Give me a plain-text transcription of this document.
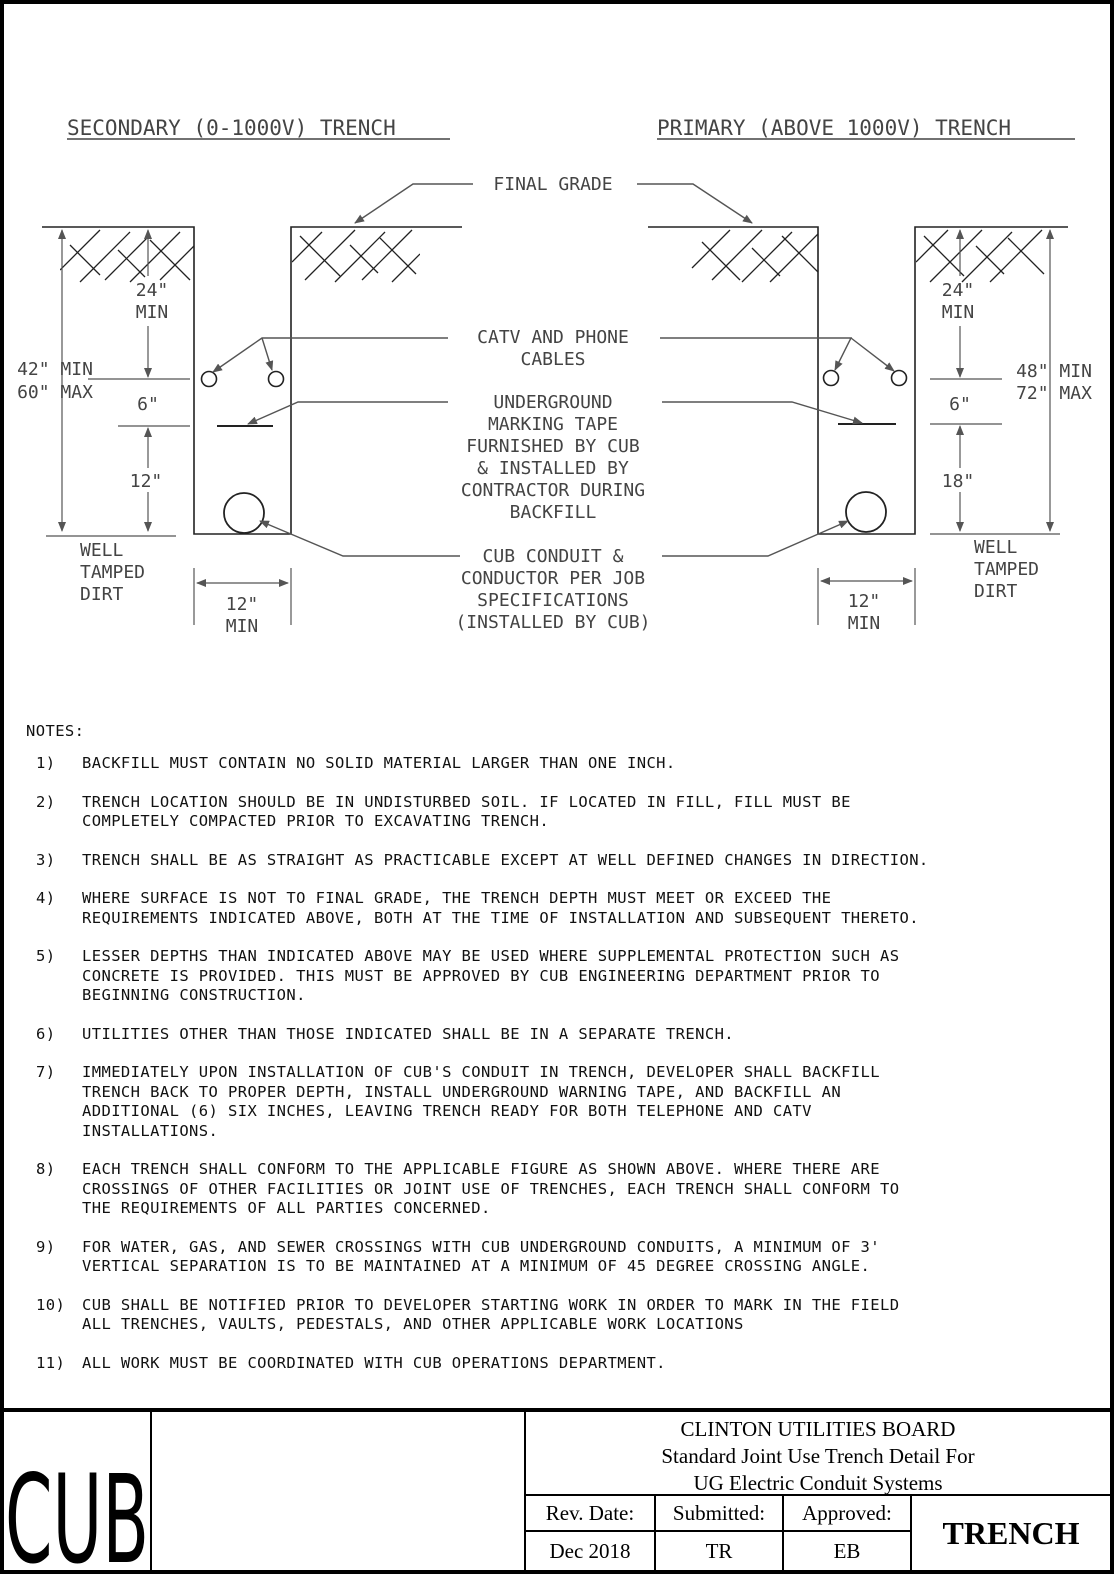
SECONDARY (0-1000V) TRENCH	PRIMARY (ABOVE 1000V) TRENCH
FINAL GRADE
CATV AND PHONE
CABLES
UNDERGROUND
MARKING TAPE
FURNISHED BY CUB
& INSTALLED BY
CONTRACTOR DURING
BACKFILL
CUB CONDUIT &
CONDUCTOR PER JOB
SPECIFICATIONS
(INSTALLED BY CUB)
24"
MIN
42" MIN
60" MAX
6"
12"
WELL
TAMPED
DIRT	12"
MIN
24"
MIN
48" MIN
72" MAX
6"
18"
WELL
TAMPED
DIRT
12"
MIN
NOTES:
1)	BACKFILL MUST CONTAIN NO SOLID MATERIAL LARGER THAN ONE INCH.
2)	TRENCH LOCATION SHOULD BE IN UNDISTURBED SOIL. IF LOCATED IN FILL, FILL MUST BE
COMPLETELY COMPACTED PRIOR TO EXCAVATING TRENCH.
3)	TRENCH SHALL BE AS STRAIGHT AS PRACTICABLE EXCEPT AT WELL DEFINED CHANGES IN DIRECTION.
4)	WHERE SURFACE IS NOT TO FINAL GRADE, THE TRENCH DEPTH MUST MEET OR EXCEED THE
REQUIREMENTS INDICATED ABOVE, BOTH AT THE TIME OF INSTALLATION AND SUBSEQUENT THERETO.
5)	LESSER DEPTHS THAN INDICATED ABOVE MAY BE USED WHERE SUPPLEMENTAL PROTECTION SUCH AS
CONCRETE IS PROVIDED. THIS MUST BE APPROVED BY CUB ENGINEERING DEPARTMENT PRIOR TO
BEGINNING CONSTRUCTION.
6)	UTILITIES OTHER THAN THOSE INDICATED SHALL BE IN A SEPARATE TRENCH.
7)	IMMEDIATELY UPON INSTALLATION OF CUB'S CONDUIT IN TRENCH, DEVELOPER SHALL BACKFILL
TRENCH BACK TO PROPER DEPTH, INSTALL UNDERGROUND WARNING TAPE, AND BACKFILL AN
ADDITIONAL (6) SIX INCHES, LEAVING TRENCH READY FOR BOTH TELEPHONE AND CATV
INSTALLATIONS.
8)	EACH TRENCH SHALL CONFORM TO THE APPLICABLE FIGURE AS SHOWN ABOVE. WHERE THERE ARE
CROSSINGS OF OTHER FACILITIES OR JOINT USE OF TRENCHES, EACH TRENCH SHALL CONFORM TO
THE REQUIREMENTS OF ALL PARTIES CONCERNED.
9)	FOR WATER, GAS, AND SEWER CROSSINGS WITH CUB UNDERGROUND CONDUITS, A MINIMUM OF 3'
VERTICAL SEPARATION IS TO BE MAINTAINED AT A MINIMUM OF 45 DEGREE CROSSING ANGLE.
10)	CUB SHALL BE NOTIFIED PRIOR TO DEVELOPER STARTING WORK IN ORDER TO MARK IN THE FIELD
ALL TRENCHES, VAULTS, PEDESTALS, AND OTHER APPLICABLE WORK LOCATIONS
11)	ALL WORK MUST BE COORDINATED WITH CUB OPERATIONS DEPARTMENT.
CUB
CLINTON UTILITIES BOARD
Standard Joint Use Trench Detail For
UG Electric Conduit Systems
Rev. Date:	Submitted:	Approved:
Dec 2018	TR	EB	TRENCH
